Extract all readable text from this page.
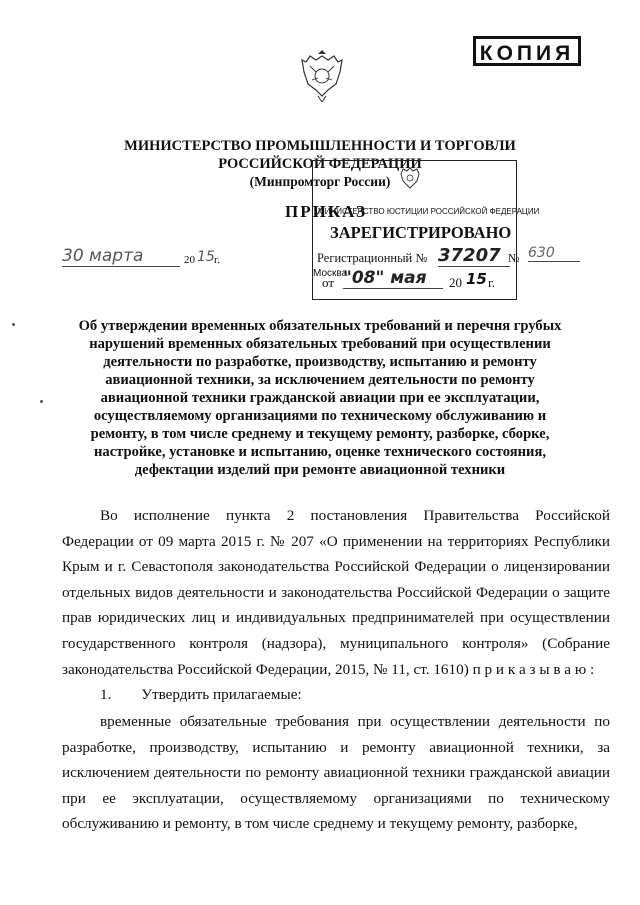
КОПИЯ
МИНИСТЕРСТВО ПРОМЫШЛЕННОСТИ И ТОРГОВЛИ
РОССИЙСКОЙ ФЕДЕРАЦИИ
(Минпромторг России)
ПРИКАЗ
МИНИСТЕРСТВО ЮСТИЦИИ РОССИЙСКОЙ ФЕДЕРАЦИИ
ЗАРЕГИСТРИРОВАНО
Регистрационный № 37207
от "08" мая	20 15 г.
30 марта	20 15 г.	№ 630
Москва
Об утверждении временных обязательных требований и перечня грубых нарушений временных обязательных требований при осуществлении деятельности по разработке, производству, испытанию и ремонту авиационной техники, за исключением деятельности по ремонту авиационной техники гражданской авиации при ее эксплуатации, осуществляемому организациями по техническому обслуживанию и ремонту, в том числе среднему и текущему ремонту, разборке, сборке, настройке, установке и испытанию, оценке технического состояния, дефектации изделий при ремонте авиационной техники
Во исполнение пункта 2 постановления Правительства Российской Федерации от 09 марта 2015 г. № 207 «О применении на территориях Республики Крым и г. Севастополя законодательства Российской Федерации о лицензировании отдельных видов деятельности и законодательства Российской Федерации о защите прав юридических лиц и индивидуальных предпринимателей при осуществлении государственного контроля (надзора), муниципального контроля» (Собрание законодательства Российской Федерации, 2015, № 11, ст. 1610) п р и к а з ы в а ю :
1. Утвердить прилагаемые:
временные обязательные требования при осуществлении деятельности по разработке, производству, испытанию и ремонту авиационной техники, за исключением деятельности по ремонту авиационной техники гражданской авиации при ее эксплуатации, осуществляемому организациями по техническому обслуживанию и ремонту, в том числе среднему и текущему ремонту, разборке,
